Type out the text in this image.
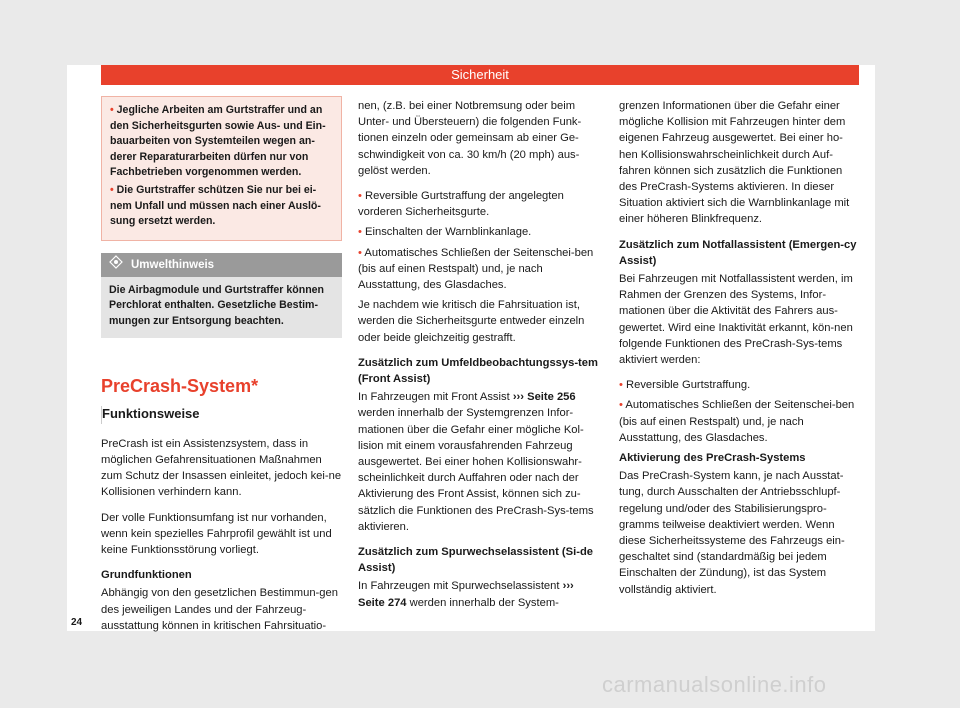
Sicherheit
• Jegliche Arbeiten am Gurtstraffer und an den Sicherheitsgurten sowie Aus- und Ein-bauarbeiten von Systemteilen wegen an-derer Reparaturarbeiten dürfen nur von Fachbetrieben vorgenommen werden.
• Die Gurtstraffer schützen Sie nur bei ei-nem Unfall und müssen nach einer Auslö-sung ersetzt werden.
Umwelthinweis
Die Airbagmodule und Gurtstraffer können Perchlorat enthalten. Gesetzliche Bestim-mungen zur Entsorgung beachten.
PreCrash-System*
Funktionsweise

PreCrash ist ein Assistenzsystem, dass in möglichen Gefahrensituationen Maßnahmen zum Schutz der Insassen einleitet, jedoch kei-ne Kollisionen verhindern kann.

Der volle Funktionsumfang ist nur vorhanden, wenn kein spezielles Fahrprofil gewählt ist und keine Funktionsstörung vorliegt.

Grundfunktionen

Abhängig von den gesetzlichen Bestimmun-gen des jeweiligen Landes und der Fahrzeug-ausstattung können in kritischen Fahrsituatio-

nen, (z.B. bei einer Notbremsung oder beim Unter- und Übersteuern) die folgenden Funk-tionen einzeln oder gemeinsam ab einer Ge-schwindigkeit von ca. 30 km/h (20 mph) aus-gelöst werden.

• Reversible Gurtstraffung der angelegten vorderen Sicherheitsgurte.
• Einschalten der Warnblinkanlage.

• Automatisches Schließen der Seitenschei-ben (bis auf einen Restspalt) und, je nach Ausstattung, des Glasdaches.

Je nachdem wie kritisch die Fahrsituation ist, werden die Sicherheitsgurte entweder einzeln oder beide gleichzeitig gestrafft.

Zusätzlich zum Umfeldbeobachtungssys-tem (Front Assist)

In Fahrzeugen mit Front Assist ››› Seite 256 werden innerhalb der Systemgrenzen Infor-mationen über die Gefahr einer mögliche Kol-lision mit einem vorausfahrenden Fahrzeug ausgewertet. Bei einer hohen Kollisionswahr-scheinlichkeit durch Auffahren oder nach der Aktivierung des Front Assist, können sich zu-sätzlich die Funktionen des PreCrash-Sys-tems aktivieren.

Zusätzlich zum Spurwechselassistent (Si-de Assist)

In Fahrzeugen mit Spurwechselassistent ››› Seite 274 werden innerhalb der System-

grenzen Informationen über die Gefahr einer mögliche Kollision mit Fahrzeugen hinter dem eigenen Fahrzeug ausgewertet. Bei einer ho-hen Kollisionswahrscheinlichkeit durch Auf-fahren können sich zusätzlich die Funktionen des PreCrash-Systems aktivieren. In dieser Situation aktiviert sich die Warnblinkanlage mit einer höheren Blinkfrequenz.

Zusätzlich zum Notfallassistent (Emergen-cy Assist)

Bei Fahrzeugen mit Notfallassistent werden, im Rahmen der Grenzen des Systems, Infor-mationen über die Aktivität des Fahrers aus-gewertet. Wird eine Inaktivität erkannt, kön-nen folgende Funktionen des PreCrash-Sys-tems aktiviert werden:

• Reversible Gurtstraffung.

• Automatisches Schließen der Seitenschei-ben (bis auf einen Restspalt) und, je nach Ausstattung, des Glasdaches.

Aktivierung des PreCrash-Systems

Das PreCrash-System kann, je nach Ausstat-tung, durch Ausschalten der Antriebsschlupf-regelung und/oder des Stabilisierungspro-gramms teilweise deaktiviert werden. Wenn diese Sicherheitssysteme des Fahrzeugs ein-geschaltet sind (standardmäßig bei jedem Einschalten der Zündung), ist das System vollständig aktiviert.

24
carmanualsonline.info
